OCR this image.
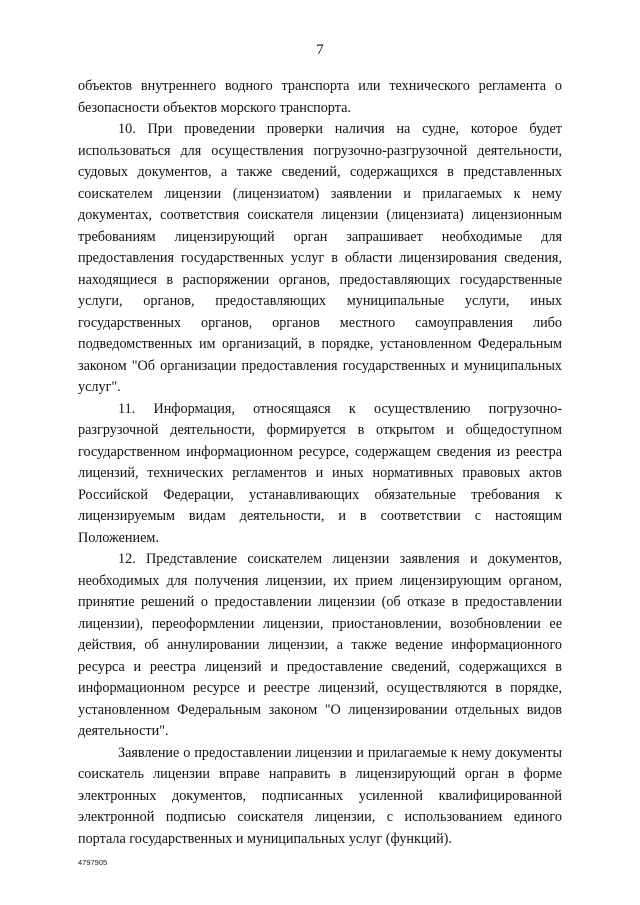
7

объектов внутреннего водного транспорта или технического регламента о безопасности объектов морского транспорта.

10. При проведении проверки наличия на судне, которое будет использоваться для осуществления погрузочно-разгрузочной деятельности, судовых документов, а также сведений, содержащихся в представленных соискателем лицензии (лицензиатом) заявлении и прилагаемых к нему документах, соответствия соискателя лицензии (лицензиата) лицензионным требованиям лицензирующий орган запрашивает необходимые для предоставления государственных услуг в области лицензирования сведения, находящиеся в распоряжении органов, предоставляющих государственные услуги, органов, предоставляющих муниципальные услуги, иных государственных органов, органов местного самоуправления либо подведомственных им организаций, в порядке, установленном Федеральным законом "Об организации предоставления государственных и муниципальных услуг".

11. Информация, относящаяся к осуществлению погрузочно-разгрузочной деятельности, формируется в открытом и общедоступном государственном информационном ресурсе, содержащем сведения из реестра лицензий, технических регламентов и иных нормативных правовых актов Российской Федерации, устанавливающих обязательные требования к лицензируемым видам деятельности, и в соответствии с настоящим Положением.

12. Представление соискателем лицензии заявления и документов, необходимых для получения лицензии, их прием лицензирующим органом, принятие решений о предоставлении лицензии (об отказе в предоставлении лицензии), переоформлении лицензии, приостановлении, возобновлении ее действия, об аннулировании лицензии, а также ведение информационного ресурса и реестра лицензий и предоставление сведений, содержащихся в информационном ресурсе и реестре лицензий, осуществляются в порядке, установленном Федеральным законом "О лицензировании отдельных видов деятельности".

Заявление о предоставлении лицензии и прилагаемые к нему документы соискатель лицензии вправе направить в лицензирующий орган в форме электронных документов, подписанных усиленной квалифицированной электронной подписью соискателя лицензии, с использованием единого портала государственных и муниципальных услуг (функций).

4797905
